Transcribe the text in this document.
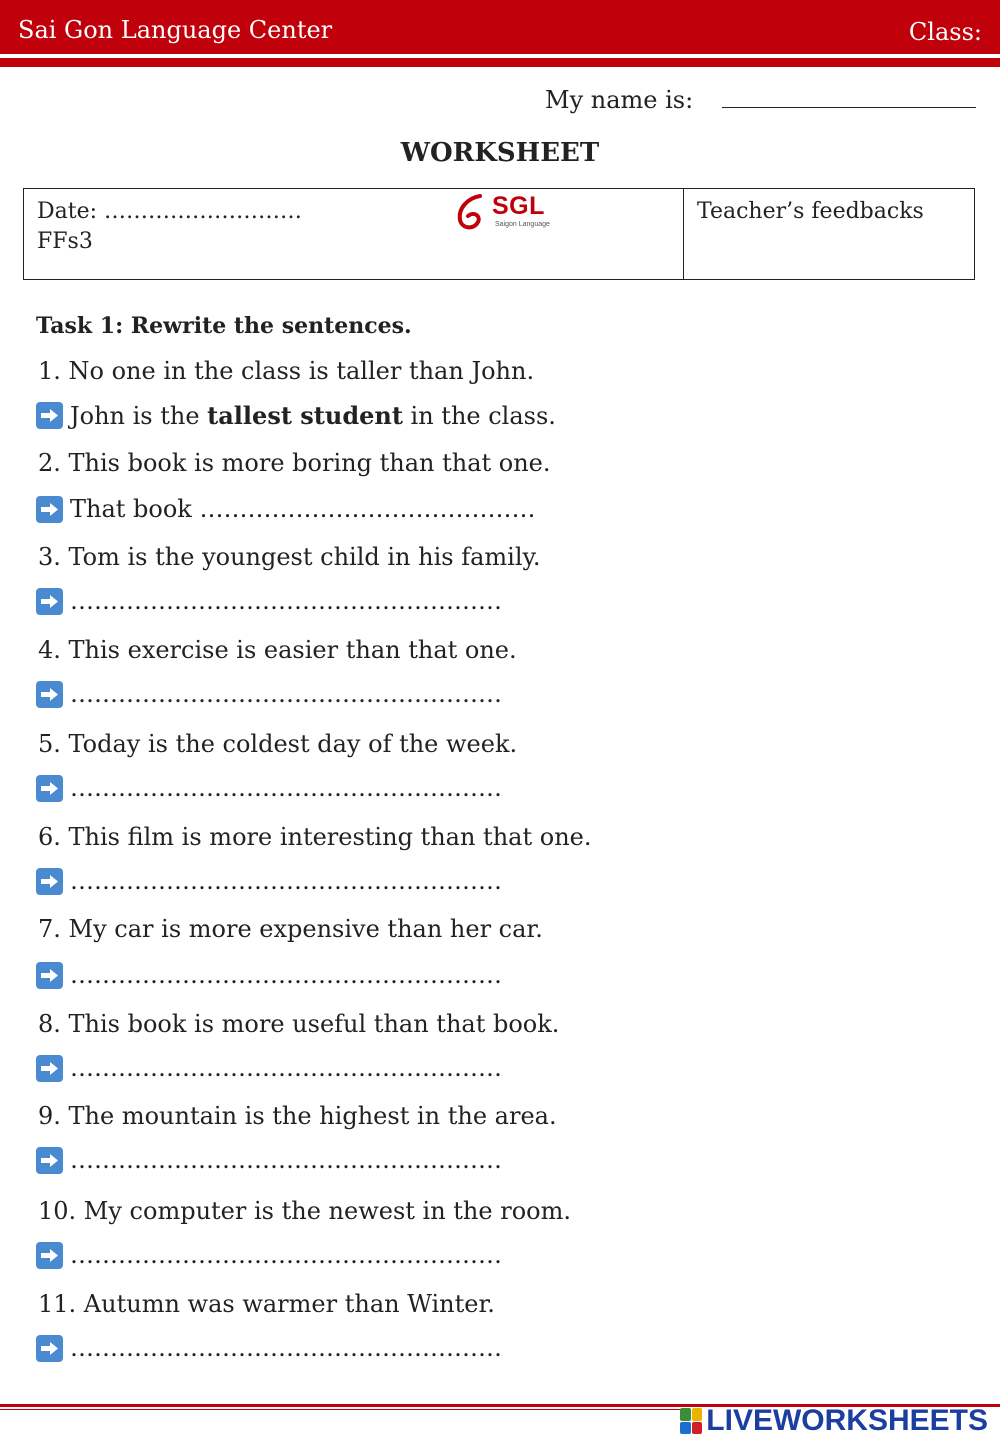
Sai Gon Language Center	Class:
My name is:
WORKSHEET
Date: ………………………
FFs3
SGL
Saigon Language
Teacher’s feedbacks
Task 1: Rewrite the sentences.
1. No one in the class is taller than John.
John is the tallest student in the class.
2. This book is more boring than that one.
That book ……………………………………
3. Tom is the youngest child in his family.
………………………………………………
4. This exercise is easier than that one.
………………………………………………
5. Today is the coldest day of the week.
………………………………………………
6. This film is more interesting than that one.
………………………………………………
7. My car is more expensive than her car.
………………………………………………
8. This book is more useful than that book.
………………………………………………
9. The mountain is the highest in the area.
………………………………………………
10. My computer is the newest in the room.
………………………………………………
11. Autumn was warmer than Winter.
………………………………………………
LIVEWORKSHEETS
